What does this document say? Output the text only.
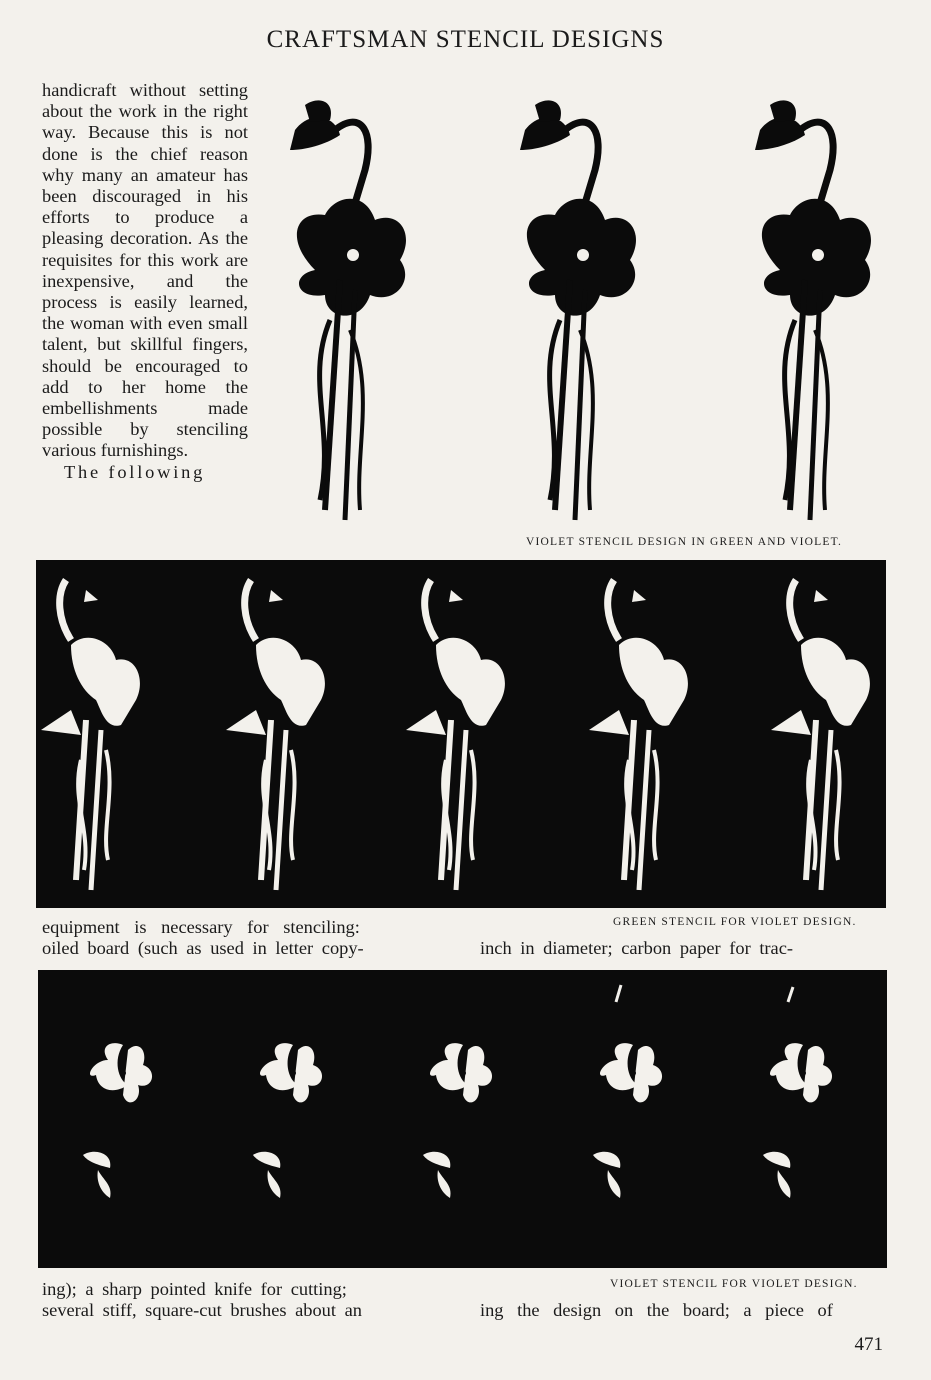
CRAFTSMAN STENCIL DESIGNS

handicraft without setting about the work in the right way. Because this is not done is the chief reason why many an amateur has been discouraged in his efforts to produce a pleasing decoration. As the requisites for this work are inexpensive, and the process is easily learned, the woman with even small talent, but skillful fingers, should be encouraged to add to her home the embellishments made possible by stenciling various furnishings.

The following

VIOLET STENCIL DESIGN IN GREEN AND VIOLET.
equipment is necessary for stenciling:	GREEN STENCIL FOR VIOLET DESIGN.
oiled board (such as used in letter copy-	inch in diameter; carbon paper for trac-
ing); a sharp pointed knife for cutting;	VIOLET STENCIL FOR VIOLET DESIGN.
several stiff, square-cut brushes about an	ing the design on the board; a piece of
471
